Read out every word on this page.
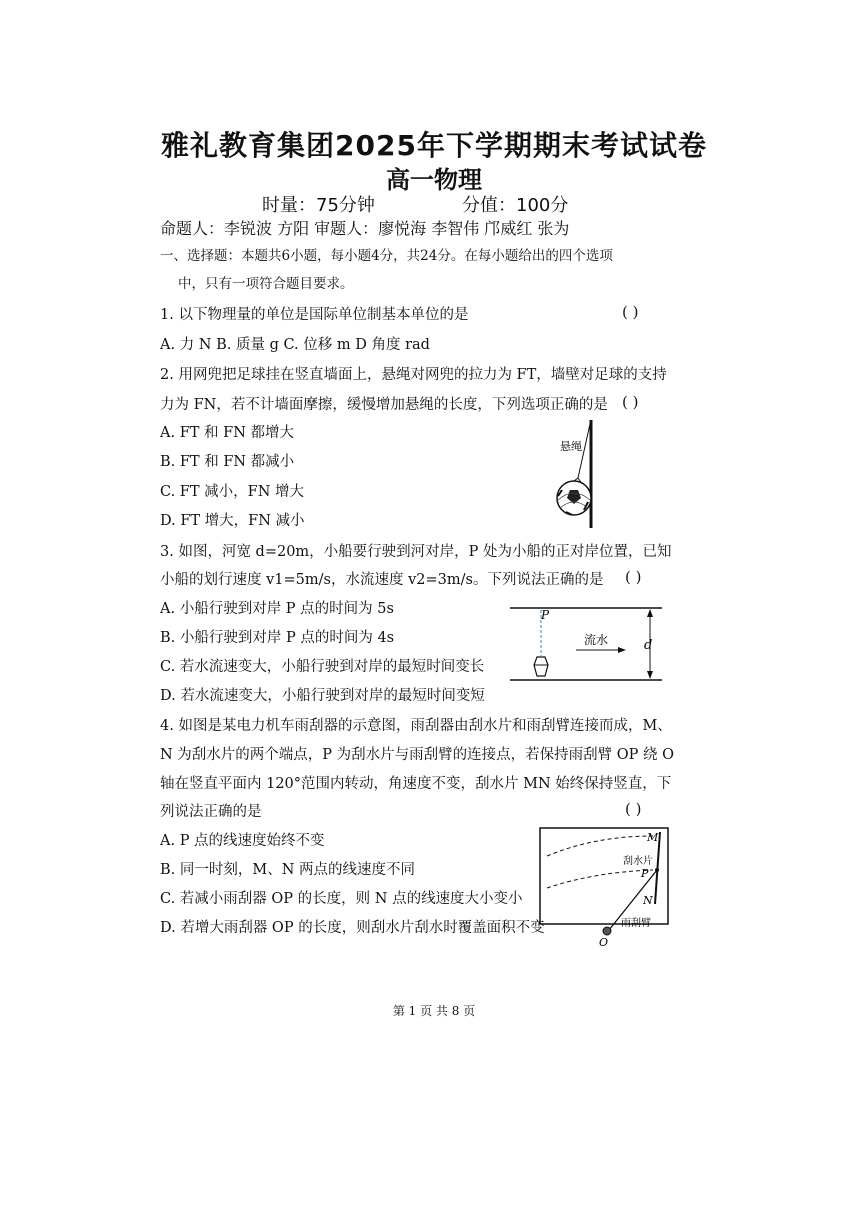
雅礼教育集团2025年下学期期末考试试卷
高一物理
时量：75分钟	分值：100分
命题人：李锐波 方阳 审题人：廖悦海 李智伟 邝威红 张为
一、选择题：本题共6小题，每小题4分，共24分。在每小题给出的四个选项
中，只有一项符合题目要求。
1. 以下物理量的单位是国际单位制基本单位的是	( )
A. 力 N B. 质量 g C. 位移 m D 角度 rad
2. 用网兜把足球挂在竖直墙面上，悬绳对网兜的拉力为 FT，墙壁对足球的支持
力为 FN，若不计墙面摩擦，缓慢增加悬绳的长度，下列选项正确的是 ( )
A. FT 和 FN 都增大
B. FT 和 FN 都减小
C. FT 减小，FN 增大
D. FT 增大，FN 减小
悬绳
3. 如图，河宽 d=20m，小船要行驶到河对岸，P 处为小船的正对岸位置，已知
小船的划行速度 v1=5m/s，水流速度 v2=3m/s。下列说法正确的是 ( )
A. 小船行驶到对岸 P 点的时间为 5s
B. 小船行驶到对岸 P 点的时间为 4s
C. 若水流速变大，小船行驶到对岸的最短时间变长
D. 若水流速变大，小船行驶到对岸的最短时间变短
P
流水	d
4. 如图是某电力机车雨刮器的示意图，雨刮器由刮水片和雨刮臂连接而成，M、
N 为刮水片的两个端点，P 为刮水片与雨刮臂的连接点，若保持雨刮臂 OP 绕 O
轴在竖直平面内 120°范围内转动，角速度不变，刮水片 MN 始终保持竖直，下
列说法正确的是	( )
A. P 点的线速度始终不变
B. 同一时刻，M、N 两点的线速度不同
C. 若减小雨刮器 OP 的长度，则 N 点的线速度大小变小
D. 若增大雨刮器 OP 的长度，则刮水片刮水时覆盖面积不变
M
刮水片
P
N
雨刮臂
O
第 1 页 共 8 页
